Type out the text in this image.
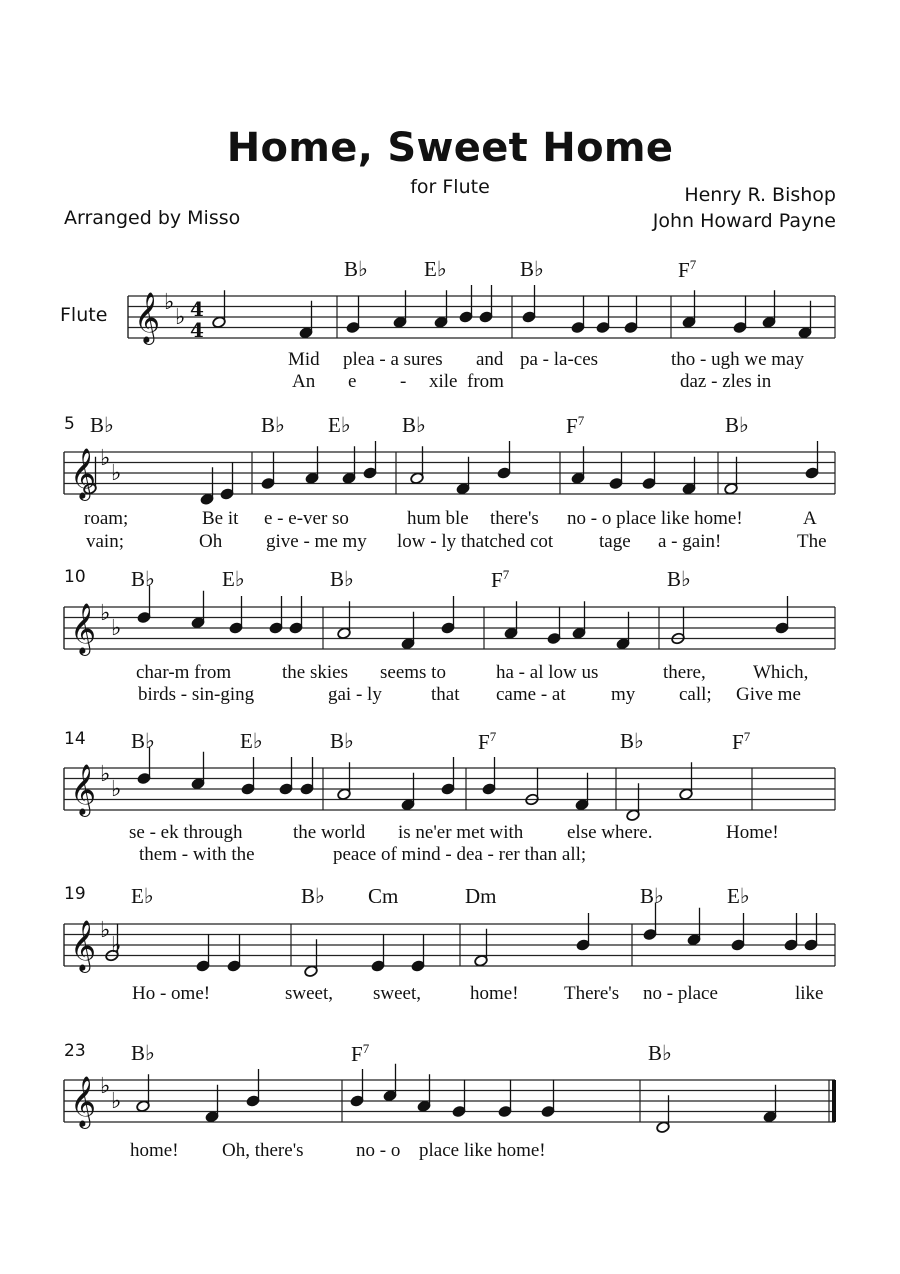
Home, Sweet Home
for Flute
Arranged by Misso
Henry R. Bishop
John Howard Payne
Flute 𝄞 ♭
♭ 4
4
𝄞 ♭
♭
𝄞 ♭
♭
𝄞 ♭
♭
𝄞 ♭
♭
𝄞 ♭
♭
5
10
14
19
23
B♭	E♭	B♭	$F^7$
B♭	B♭ E♭ B♭	$F^7$	B♭
B♭	E♭	B♭	$F^7$	B♭
B♭	E♭	B♭	$F^7$	B♭	$F^7$
E♭	B♭ Cm	Dm	B♭	E♭
B♭	$F^7$	B♭
Mid plea - a sures and pa - la-ces	tho - ugh we may
An e - xile from	daz - zles in
roam;	Be it e - e-ver so	hum ble there's no - o place like home!	A
vain;	Oh give - me my low - ly thatched cot tage a - gain!	The
char-m from	the skies seems to	ha - al low us	there, Which,
birds - sin-ging	gai - ly	that came - at my call; Give me
se - ek through	the world is ne'er met with else where.	Home!
them - with the	peace of mind - dea - rer than all;
Ho - ome!	sweet, sweet,	home! There's no - place	like
home! Oh, there's	no - o place like home!
